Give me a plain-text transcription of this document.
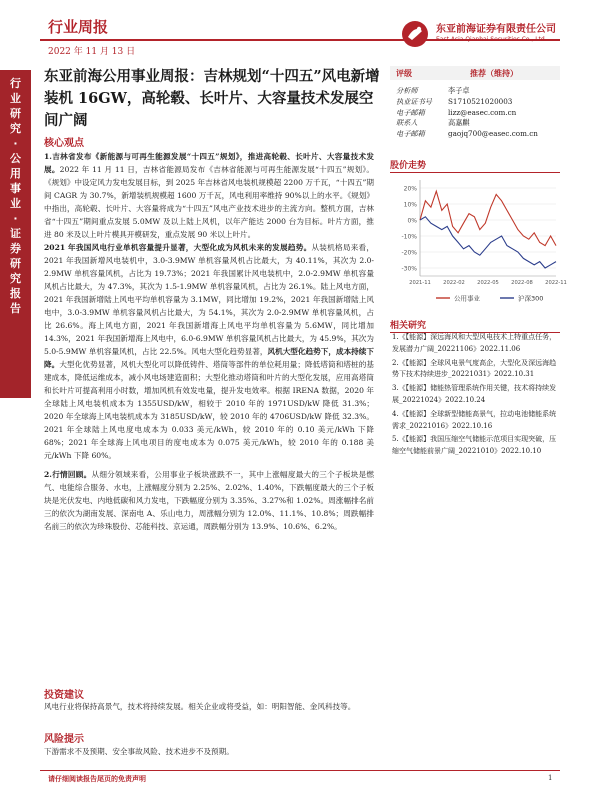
行业周报
2022 年 11 月 13 日
东亚前海证券有限责任公司
East Asia Qianhai Securities Co., Ltd.
行
业
研
究
·
公
用
事
业
·
证
券
研
究
报
告
东亚前海公用事业周报：吉林规划“十四五”风电新增装机 16GW，高轮毂、长叶片、大容量技术发展空间广阔
核心观点

1.吉林省发布《新能源与可再生能源发展“十四五”规划》，推进高轮毂、长叶片、大容量技术发展。2022 年 11 月 11 日，吉林省能源局发布《吉林省能源与可再生能源发展“十四五”规划》。《规划》中设定风力发电发展目标，到 2025 年吉林省风电装机规模超 2200 万千瓦，“十四五”期间 CAGR 为 30.7%，新增装机规模超 1600 万千瓦，风电利用率维持 90%以上的水平。《规划》中指出，高轮毂、长叶片、大容量将成为“十四五”风电产业技术进步的主流方向。整机方面，吉林省“十四五”期间重点发展 5.0MW 及以上陆上风机，以年产能达 2000 台为目标。叶片方面，推进 80 米及以上叶片模具开模研发，重点发展 90 米以上叶片。

2021 年我国风电行业单机容量提升显著，大型化成为风机未来的发展趋势。从装机格局来看，2021 年我国新增风电装机中，3.0-3.9MW 单机容量风机占比最大，为 40.11%，其次为 2.0-2.9MW 单机容量风机，占比为 19.73%；2021 年我国累计风电装机中，2.0-2.9MW 单机容量风机占比最大，为 47.3%，其次为 1.5-1.9MW 单机容量风机，占比为 26.1%。陆上风电方面，2021 年我国新增陆上风电平均单机容量为 3.1MW，同比增加 19.2%，2021 年我国新增陆上风电中，3.0-3.9MW 单机容量风机占比最大，为 54.1%，其次为 2.0-2.9MW 单机容量风机，占比 26.6%。海上风电方面，2021 年我国新增海上风电平均单机容量为 5.6MW，同比增加 14.3%，2021 年我国新增海上风电中，6.0-6.9MW 单机容量风机占比最大，为 45.9%，其次为 5.0-5.9MW 单机容量风机，占比 22.5%。风电大型化趋势显著，风机大型化趋势下，成本持续下降。大型化优势显著，风机大型化可以降低铸件、塔筒等部件的单位耗用量；降低塔筒和塔桩的基建成本，降低运维成本，减小风电场建造面积；大型化推动塔筒和叶片的大型化发展，应用高塔筒和长叶片可提高利用小时数，增加风机有效发电量，提升发电效率。根据 IRENA 数据，2020 年全球陆上风电装机成本为 1355USD/kW，相较于 2010 年的 1971USD/kW 降低 31.3%；2020 年全球海上风电装机成本为 3185USD/kW，较 2010 年的 4706USD/kW 降低 32.3%。2021 年全球陆上风电度电成本为 0.033 美元/kWh，较 2010 年的 0.10 美元/kWh 下降 68%；2021 年全球海上风电项目的度电成本为 0.075 美元/kWh，较 2010 年的 0.188 美元/kWh 下降 60%。

2.行情回顾。从细分领域来看，公用事业子板块涨跌不一，其中上涨幅度最大的三个子板块是燃气、电能综合服务、水电，上涨幅度分别为 2.25%、2.02%、1.40%，下跌幅度最大的三个子板块是光伏发电、内地低碳和风力发电，下跌幅度分别为 3.35%、3.27%和 1.02%。周涨幅排名前三的依次为湖南发展、深南电 A、乐山电力，周涨幅分别为 12.0%、11.1%、10.8%；周跌幅排名前三的依次为珍珠股份、芯能科技、京运通，周跌幅分别为 13.9%、10.6%、6.2%。

投资建议
风电行业将保持高景气，技术将持续发展。相关企业或将受益，如：明阳智能、金风科技等。
风险提示
下游需求不及预期、安全事故风险、技术进步不及预期。
评级	推荐（维持）
分析师	李子卓
执业证书号	S1710521020003
电子邮箱	lizz@easec.com.cn
联系人	高嘉麒
电子邮箱	gaojq700@easec.com.cn
股价走势
20%
10%
0%
-10%
-20%
-30%
2021-11 2022-02 2022-05 2022-08 2022-11
公用事业	沪深300
相关研究
1.《【能源】深远海风和大型风电技术上特重点任务，发展潜力广阔_20221106》2022.11.06
2.《【能源】全球风电景气度高企，大型化及深远海趋势下技术持续进步_20221031》2022.10.31
3.《【能源】储能热管理系统作用关键，技术将持续发展_20221024》2022.10.24
4.《【能源】全球新型储能高景气，拉动电池储能系统需求_20221016》2022.10.16
5.《【能源】我国压缩空气储能示范项目实现突破，压缩空气储能前景广阔_20221010》2022.10.10
请仔细阅读报告尾页的免责声明	1
